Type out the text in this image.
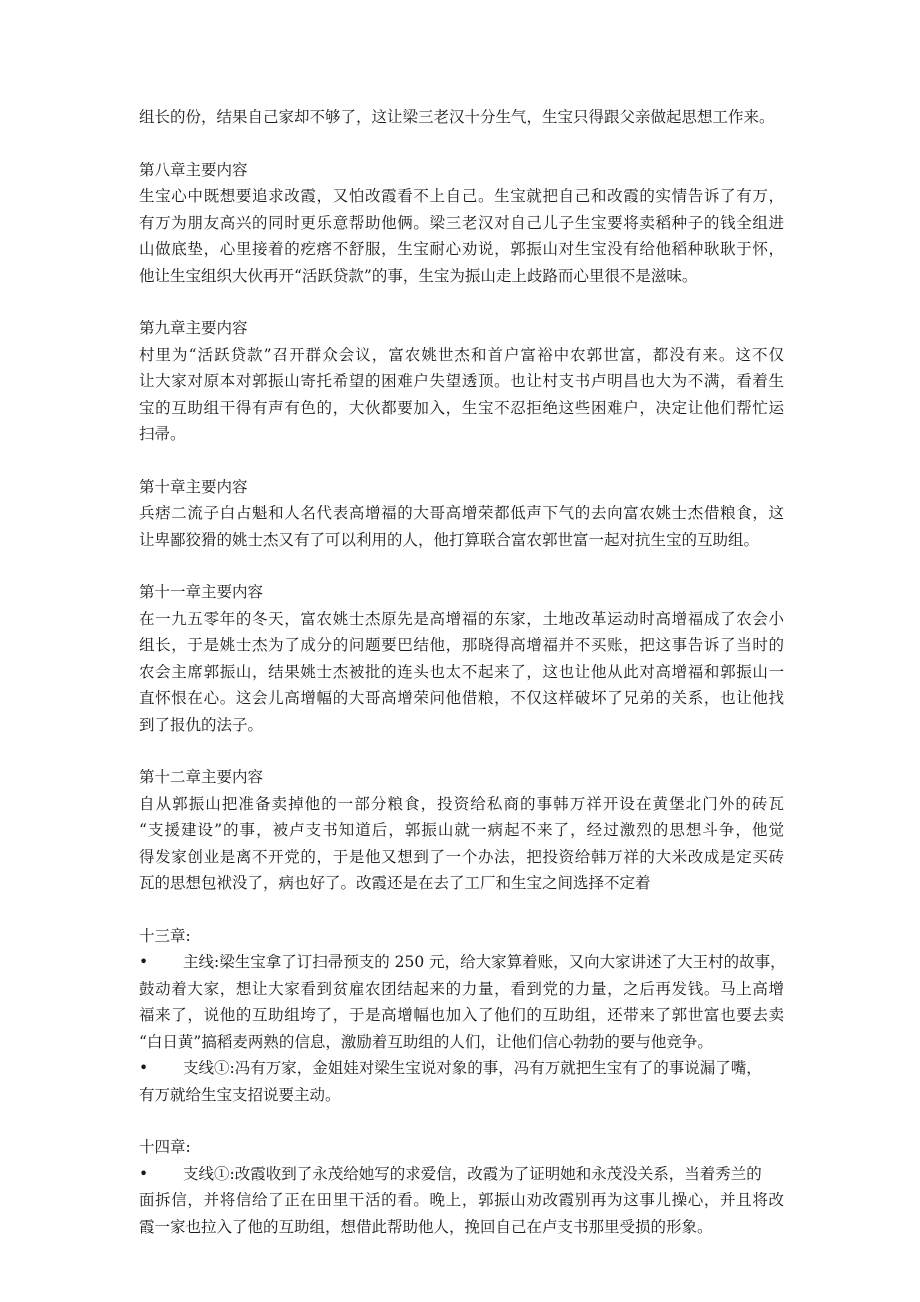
组长的份，结果自己家却不够了，这让梁三老汉十分生气，生宝只得跟父亲做起思想工作来。
第八章主要内容
生宝心中既想要追求改霞，又怕改霞看不上自己。生宝就把自己和改霞的实情告诉了有万，
有万为朋友高兴的同时更乐意帮助他俩。梁三老汉对自己儿子生宝要将卖稻种子的钱全组进
山做底垫，心里接着的疙瘩不舒服，生宝耐心劝说，郭振山对生宝没有给他稻种耿耿于怀，
他让生宝组织大伙再开“活跃贷款”的事，生宝为振山走上歧路而心里很不是滋味。
第九章主要内容
村里为“活跃贷款”召开群众会议，富农姚世杰和首户富裕中农郭世富，都没有来。这不仅
让大家对原本对郭振山寄托希望的困难户失望透顶。也让村支书卢明昌也大为不满，看着生
宝的互助组干得有声有色的，大伙都要加入，生宝不忍拒绝这些困难户，决定让他们帮忙运
扫帚。
第十章主要内容
兵痞二流子白占魁和人名代表高增福的大哥高增荣都低声下气的去向富农姚士杰借粮食，这
让卑鄙狡猾的姚士杰又有了可以利用的人，他打算联合富农郭世富一起对抗生宝的互助组。
第十一章主要内容
在一九五零年的冬天，富农姚士杰原先是高增福的东家，土地改革运动时高增福成了农会小
组长，于是姚士杰为了成分的问题要巴结他，那晓得高增福并不买账，把这事告诉了当时的
农会主席郭振山，结果姚士杰被批的连头也太不起来了，这也让他从此对高增福和郭振山一
直怀恨在心。这会儿高增幅的大哥高增荣问他借粮，不仅这样破坏了兄弟的关系，也让他找
到了报仇的法子。
第十二章主要内容
自从郭振山把准备卖掉他的一部分粮食，投资给私商的事韩万祥开设在黄堡北门外的砖瓦
“支援建设”的事，被卢支书知道后，郭振山就一病起不来了，经过激烈的思想斗争，他觉
得发家创业是离不开党的，于是他又想到了一个办法，把投资给韩万祥的大米改成是定买砖
瓦的思想包袱没了，病也好了。改霞还是在去了工厂和生宝之间选择不定着
十三章:
• 主线:梁生宝拿了订扫帚预支的 250 元，给大家算着账，又向大家讲述了大王村的故事，
鼓动着大家，想让大家看到贫雇农团结起来的力量，看到党的力量，之后再发钱。马上高增
福来了，说他的互助组垮了，于是高增幅也加入了他们的互助组，还带来了郭世富也要去卖
“白日黄”搞稻麦两熟的信息，激励着互助组的人们，让他们信心勃勃的要与他竞争。
• 支线①:冯有万家，金姐娃对梁生宝说对象的事，冯有万就把生宝有了的事说漏了嘴，
有万就给生宝支招说要主动。
十四章:
• 支线①:改霞收到了永茂给她写的求爱信，改霞为了证明她和永茂没关系，当着秀兰的
面拆信，并将信给了正在田里干活的看。晚上，郭振山劝改霞别再为这事儿操心，并且将改
霞一家也拉入了他的互助组，想借此帮助他人，挽回自己在卢支书那里受损的形象。
